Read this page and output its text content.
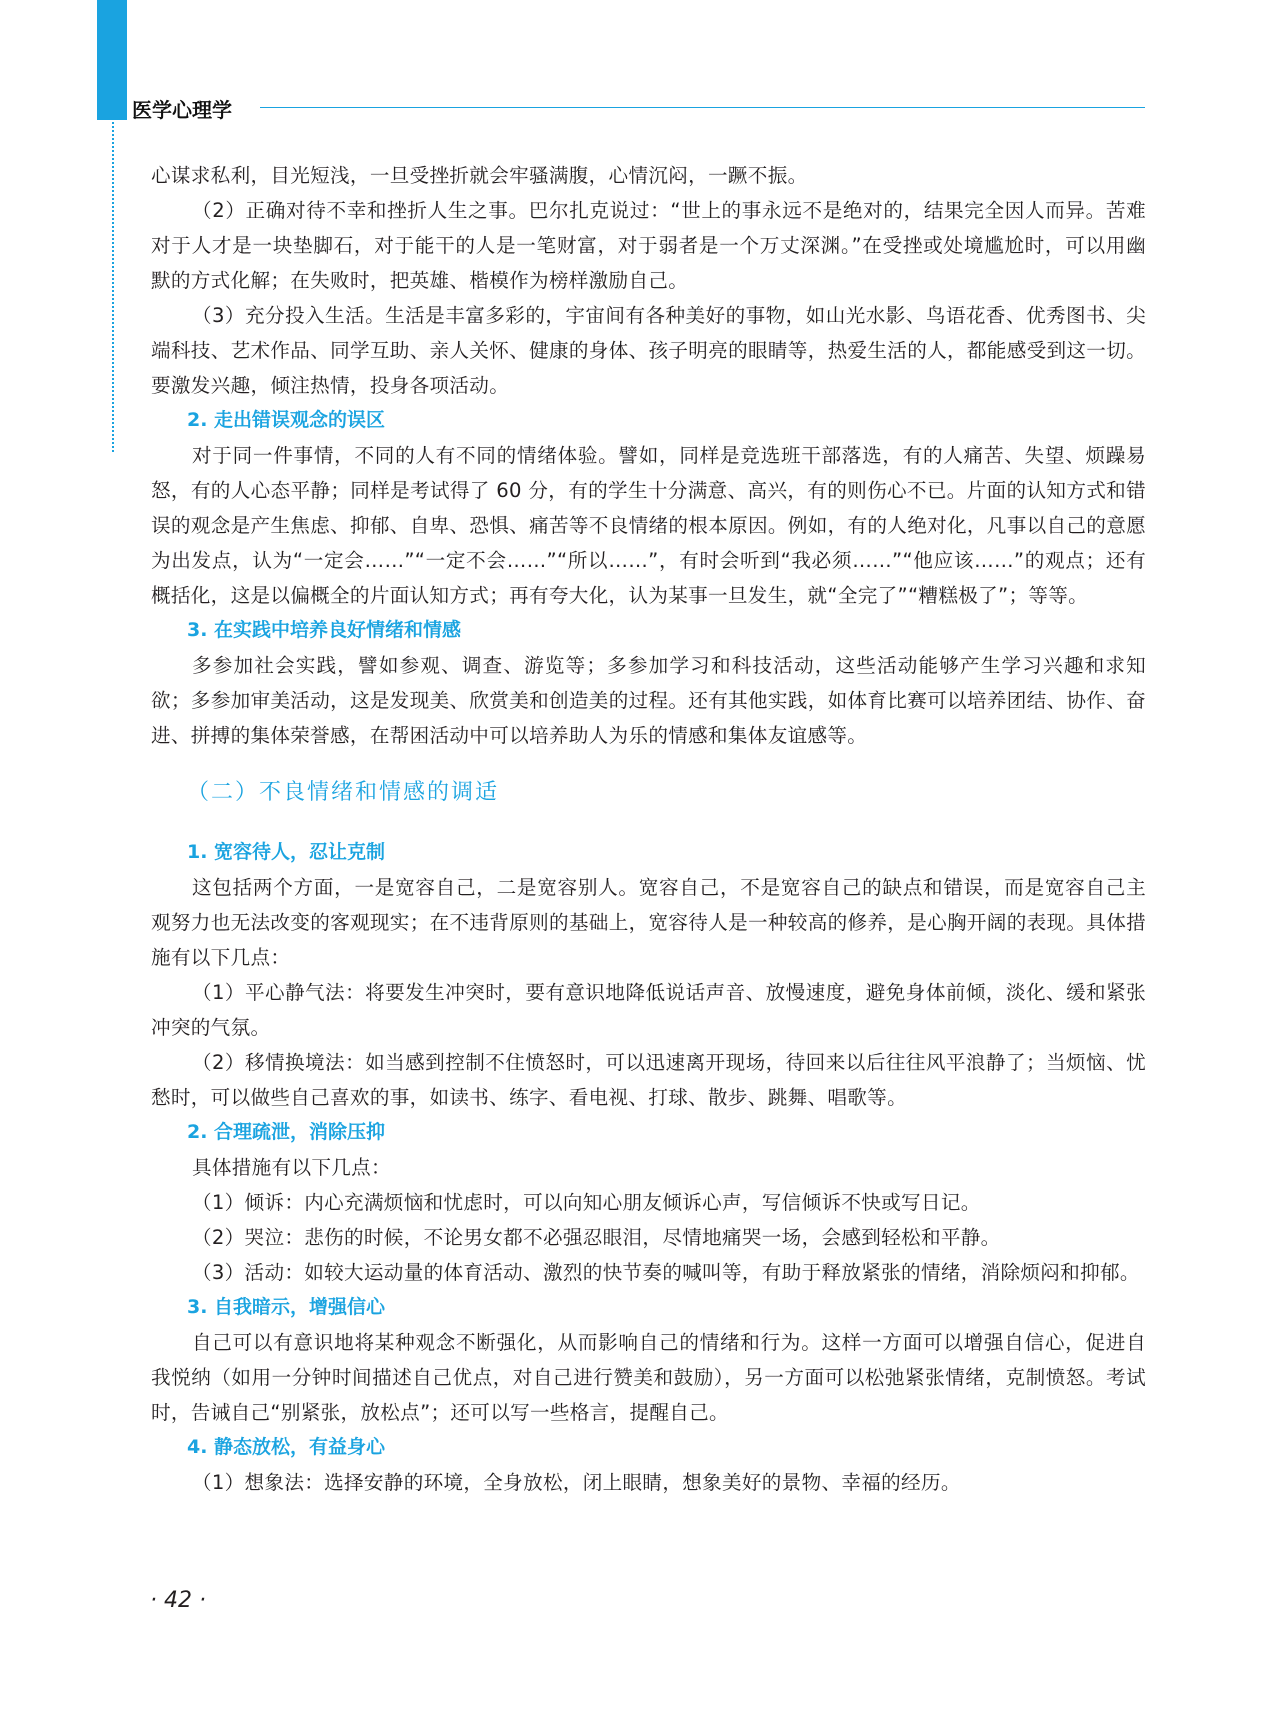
医学心理学

心谋求私利，目光短浅，一旦受挫折就会牢骚满腹，心情沉闷，一蹶不振。

（2）正确对待不幸和挫折人生之事。巴尔扎克说过：“世上的事永远不是绝对的，结果完全因人而异。苦难对于人才是一块垫脚石，对于能干的人是一笔财富，对于弱者是一个万丈深渊。”在受挫或处境尴尬时，可以用幽默的方式化解；在失败时，把英雄、楷模作为榜样激励自己。

（3）充分投入生活。生活是丰富多彩的，宇宙间有各种美好的事物，如山光水影、鸟语花香、优秀图书、尖端科技、艺术作品、同学互助、亲人关怀、健康的身体、孩子明亮的眼睛等，热爱生活的人，都能感受到这一切。要激发兴趣，倾注热情，投身各项活动。

2. 走出错误观念的误区

对于同一件事情，不同的人有不同的情绪体验。譬如，同样是竞选班干部落选，有的人痛苦、失望、烦躁易怒，有的人心态平静；同样是考试得了 60 分，有的学生十分满意、高兴，有的则伤心不已。片面的认知方式和错误的观念是产生焦虑、抑郁、自卑、恐惧、痛苦等不良情绪的根本原因。例如，有的人绝对化，凡事以自己的意愿为出发点，认为“一定会……”“一定不会……”“所以……”，有时会听到“我必须……”“他应该……”的观点；还有概括化，这是以偏概全的片面认知方式；再有夸大化，认为某事一旦发生，就“全完了”“糟糕极了”；等等。

3. 在实践中培养良好情绪和情感

多参加社会实践，譬如参观、调查、游览等；多参加学习和科技活动，这些活动能够产生学习兴趣和求知欲；多参加审美活动，这是发现美、欣赏美和创造美的过程。还有其他实践，如体育比赛可以培养团结、协作、奋进、拼搏的集体荣誉感，在帮困活动中可以培养助人为乐的情感和集体友谊感等。

（二）不良情绪和情感的调适

1. 宽容待人，忍让克制

这包括两个方面，一是宽容自己，二是宽容别人。宽容自己，不是宽容自己的缺点和错误，而是宽容自己主观努力也无法改变的客观现实；在不违背原则的基础上，宽容待人是一种较高的修养，是心胸开阔的表现。具体措施有以下几点：

（1）平心静气法：将要发生冲突时，要有意识地降低说话声音、放慢速度，避免身体前倾，淡化、缓和紧张冲突的气氛。

（2）移情换境法：如当感到控制不住愤怒时，可以迅速离开现场，待回来以后往往风平浪静了；当烦恼、忧愁时，可以做些自己喜欢的事，如读书、练字、看电视、打球、散步、跳舞、唱歌等。

2. 合理疏泄，消除压抑

具体措施有以下几点：

（1）倾诉：内心充满烦恼和忧虑时，可以向知心朋友倾诉心声，写信倾诉不快或写日记。

（2）哭泣：悲伤的时候，不论男女都不必强忍眼泪，尽情地痛哭一场，会感到轻松和平静。

（3）活动：如较大运动量的体育活动、激烈的快节奏的喊叫等，有助于释放紧张的情绪，消除烦闷和抑郁。

3. 自我暗示，增强信心

自己可以有意识地将某种观念不断强化，从而影响自己的情绪和行为。这样一方面可以增强自信心，促进自我悦纳（如用一分钟时间描述自己优点，对自己进行赞美和鼓励），另一方面可以松弛紧张情绪，克制愤怒。考试时，告诫自己“别紧张，放松点”；还可以写一些格言，提醒自己。

4. 静态放松，有益身心

（1）想象法：选择安静的环境，全身放松，闭上眼睛，想象美好的景物、幸福的经历。

· 42 ·
